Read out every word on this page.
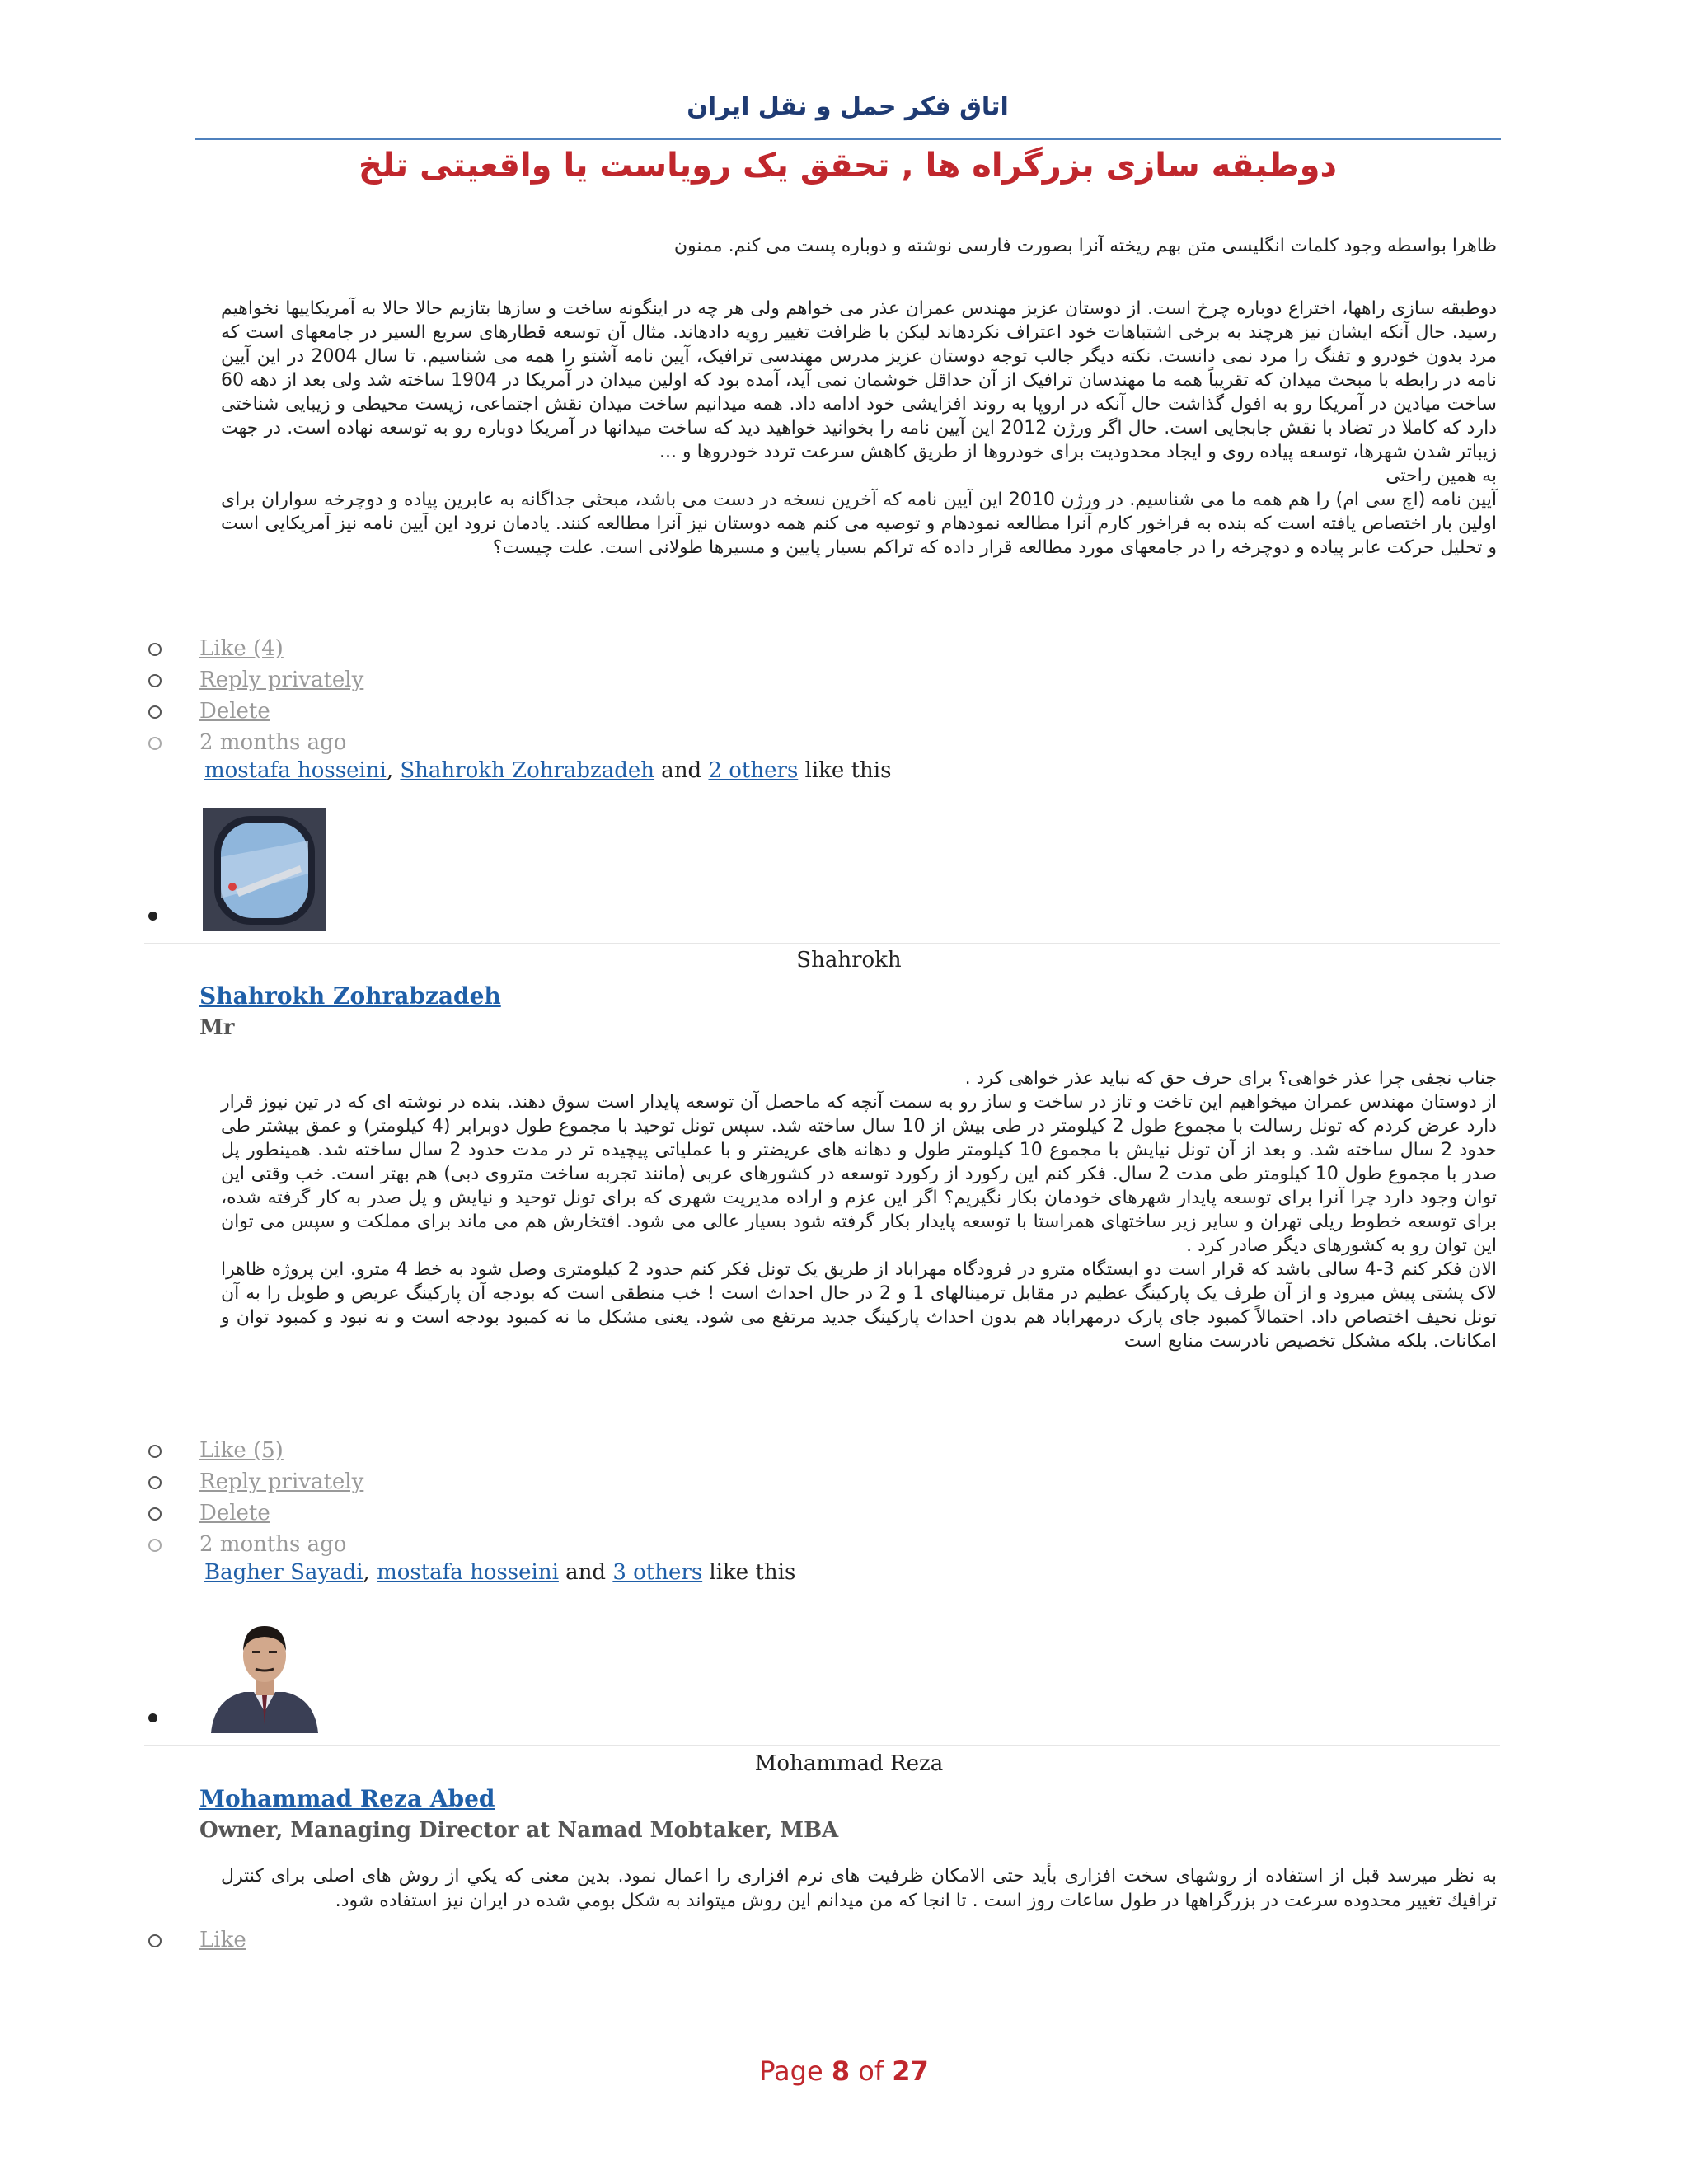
اتاق فکر حمل و نقل ایران
دوطبقه سازی بزرگراه ها , تحقق یک رویاست یا واقعیتی تلخ

ظاهرا بواسطه وجود کلمات انگلیسی متن بهم ریخته آنرا بصورت فارسی نوشته و دوباره پست می کنم. ممنون

دوطبقه سازی راهها، اختراع دوباره چرخ است. از دوستان عزیز مهندس عمران عذر می خواهم ولی هر چه در اینگونه ساخت و سازها بتازیم حالا حالا به آمریکاییها نخواهیم رسید. حال آنکه ایشان نیز هرچند به برخی اشتباهات خود اعتراف نکردهاند لیکن با ظرافت تغییر رویه دادهاند. مثال آن توسعه قطارهای سریع السیر در جامعهای است که مرد بدون خودرو و تفنگ را مرد نمی دانست. نکته دیگر جالب توجه دوستان عزیز مدرس مهندسی ترافیک، آیین نامه آشتو را همه می شناسیم. تا سال 2004 در این آیین نامه در رابطه با مبحث میدان که تقریباً همه ما مهندسان ترافیک از آن حداقل خوشمان نمی آید، آمده بود که اولین میدان در آمریکا در 1904 ساخته شد ولی بعد از دهه 60 ساخت میادین در آمریکا رو به افول گذاشت حال آنکه در اروپا به روند افزایشی خود ادامه داد. همه میدانیم ساخت میدان نقش اجتماعی، زیست محیطی و زیبایی شناختی دارد که کاملا در تضاد با نقش جابجایی است. حال اگر ورژن 2012 این آیین نامه را بخوانید خواهید دید که ساخت میدانها در آمریکا دوباره رو به توسعه نهاده است. در جهت زیباتر شدن شهرها، توسعه پیاده روی و ایجاد محدودیت برای خودروها از طریق کاهش سرعت تردد خودروها و ...
به همین راحتی
آیین نامه (اچ سی ام) را هم همه ما می شناسیم. در ورژن 2010 این آیین نامه که آخرین نسخه در دست می باشد، مبحثی جداگانه به عابرین پیاده و دوچرخه سواران برای اولین بار اختصاص یافته است که بنده به فراخور کارم آنرا مطالعه نمودهام و توصیه می کنم همه دوستان نیز آنرا مطالعه کنند. یادمان نرود این آیین نامه نیز آمریکایی است و تحلیل حرکت عابر پیاده و دوچرخه را در جامعهای مورد مطالعه قرار داده که تراکم بسیار پایین و مسیرها طولانی است. علت چیست؟

Like (4)
Reply privately
Delete
2 months ago
mostafa hosseini, Shahrokh Zohrabzadeh and 2 others like this
Shahrokh
Shahrokh Zohrabzadeh
Mr

جناب نجفی چرا عذر خواهی؟ برای حرف حق که نباید عذر خواهی کرد .
از دوستان مهندس عمران میخواهیم این تاخت و تاز در ساخت و ساز رو به سمت آنچه که ماحصل آن توسعه پایدار است سوق دهند. بنده در نوشته ای که در تین نیوز قرار دارد عرض کردم که تونل رسالت با مجموع طول 2 کیلومتر در طی بیش از 10 سال ساخته شد. سپس تونل توحید با مجموع طول دوبرابر (4 کیلومتر) و عمق بیشتر طی حدود 2 سال ساخته شد. و بعد از آن تونل نیایش با مجموع 10 کیلومتر طول و دهانه های عریضتر و با عملیاتی پیچیده تر در مدت حدود 2 سال ساخته شد. همینطور پل صدر با مجموع طول 10 کیلومتر طی مدت 2 سال. فکر کنم این رکورد از رکورد توسعه در کشورهای عربی (مانند تجربه ساخت متروی دبی) هم بهتر است. خب وقتی این توان وجود دارد چرا آنرا برای توسعه پایدار شهرهای خودمان بکار نگیریم؟ اگر این عزم و اراده مدیریت شهری که برای تونل توحید و نیایش و پل صدر به کار گرفته شده، برای توسعه خطوط ریلی تهران و سایر زیر ساختهای همراستا با توسعه پایدار بکار گرفته شود بسیار عالی می شود. افتخارش هم می ماند برای مملکت و سپس می توان این توان رو به کشورهای دیگر صادر کرد .
الان فکر کنم 3-4 سالی باشد که قرار است دو ایستگاه مترو در فرودگاه مهراباد از طریق یک تونل فکر کنم حدود 2 کیلومتری وصل شود به خط 4 مترو. این پروژه ظاهرا لاک پشتی پیش میرود و از آن طرف یک پارکینگ عظیم در مقابل ترمینالهای 1 و 2 در حال احداث است ! خب منطقی است که بودجه آن پارکینگ عریض و طویل را به آن تونل نحیف اختصاص داد. احتمالاً کمبود جای پارک درمهراباد هم بدون احداث پارکینگ جدید مرتفع می شود. یعنی مشکل ما نه کمبود بودجه است و نه نبود و کمبود توان و امکانات. بلکه مشکل تخصیص نادرست منابع است

Like (5)
Reply privately
Delete
2 months ago
Bagher Sayadi, mostafa hosseini and 3 others like this
Mohammad Reza
Mohammad Reza Abed
Owner, Managing Director at Namad Mobtaker, MBA

به نظر میرسد قبل از استفاده از روشهای سخت افزاری بأید حتی الامکان ظرفیت های نرم افزاری را اعمال نمود. بدين معنی که يکي از روش های اصلی برای کنترل ترافيك تغییر محدوده سرعت در بزرگراهها در طول ساعات روز است . تا انجا که من ميدانم اين روش ميتواند به شکل بومي شده در ايران نيز استفاده شود.

Like
Page 8 of 27
